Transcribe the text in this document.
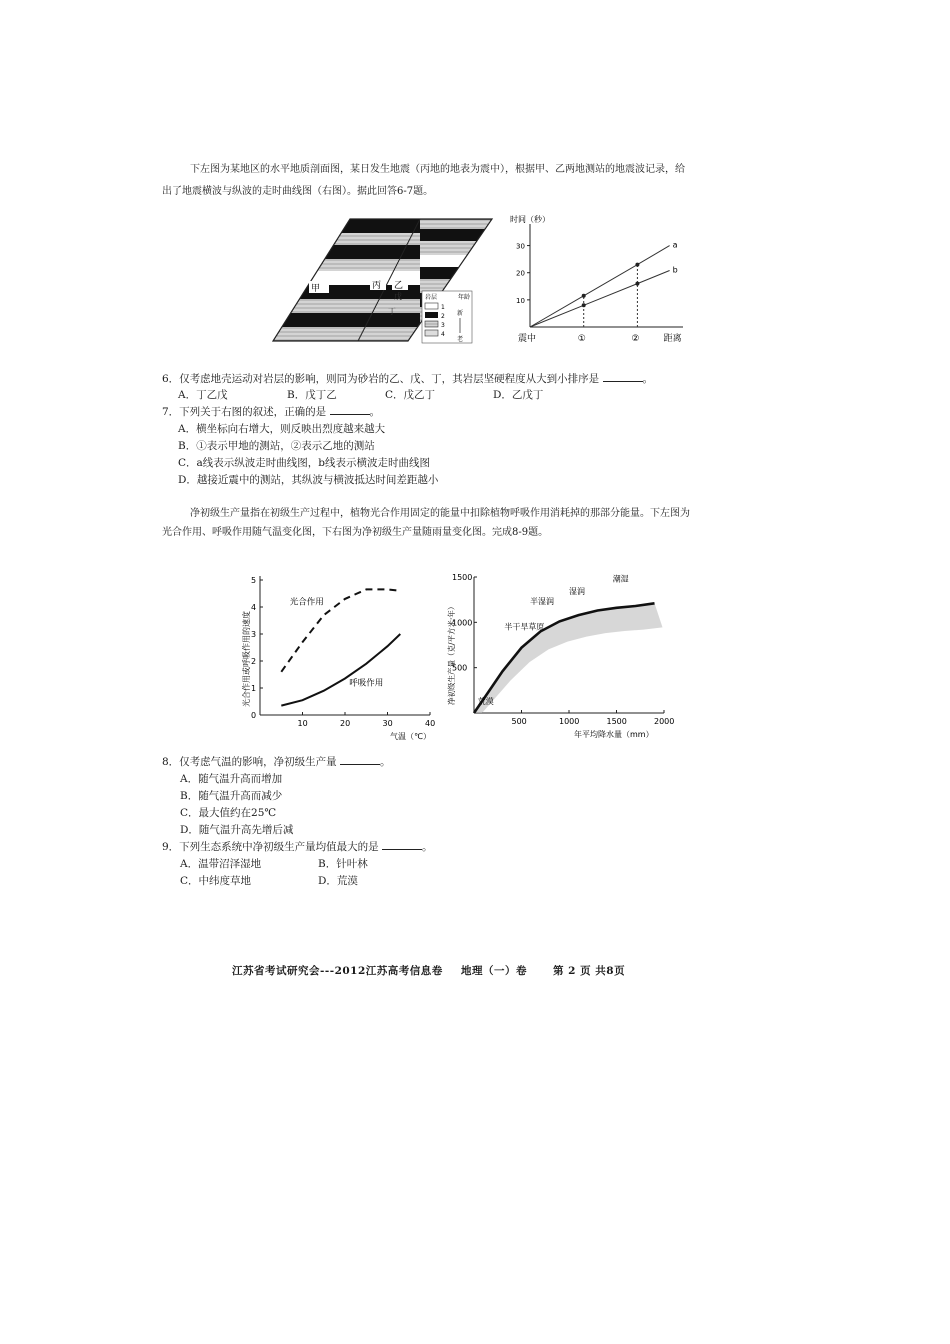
下左图为某地区的水平地质剖面图，某日发生地震（丙地的地表为震中），根据甲、乙两地测站的地震波记录，给
出了地震横波与纵波的走时曲线图（右图）。据此回答6-7题。
甲	丙 乙
戊
丁
岩层	年龄
1
2
3
4
新
老
时间（秒）
10
20
30
震中	①	②	距离
a
b
6．仅考虑地壳运动对岩层的影响，则同为砂岩的乙、戊、丁，其岩层坚硬程度从大到小排序是	。
A．丁乙戊	B．戊丁乙	C．戊乙丁	D．乙戊丁
7．下列关于右图的叙述，正确的是	。
A．横坐标向右增大，则反映出烈度越来越大
B．①表示甲地的测站，②表示乙地的测站
C．a线表示纵波走时曲线图，b线表示横波走时曲线图
D．越接近震中的测站，其纵波与横波抵达时间差距越小
净初级生产量指在初级生产过程中，植物光合作用固定的能量中扣除植物呼吸作用消耗掉的那部分能量。下左图为
光合作用、呼吸作用随气温变化图，下右图为净初级生产量随雨量变化图。完成8-9题。
0
1
2
3
4
5
10	20	30	40
气温（℃）
光合作用或呼吸作用的速度
光合作用
呼吸作用
500
1000
1500
500	1000	1500	2000
年平均降水量（mm）
净初级生产量（克/平方米·年）	荒漠
半干旱草原
半湿润
湿润
潮湿
8．仅考虑气温的影响，净初级生产量	。
A．随气温升高而增加
B．随气温升高而减少
C．最大值约在25℃
D．随气温升高先增后减
9．下列生态系统中净初级生产量均值最大的是	。
A．温带沼泽湿地	B．针叶林
C．中纬度草地	D．荒漠
江苏省考试研究会---2012江苏高考信息卷 地理（一）卷 第 2 页 共8页
